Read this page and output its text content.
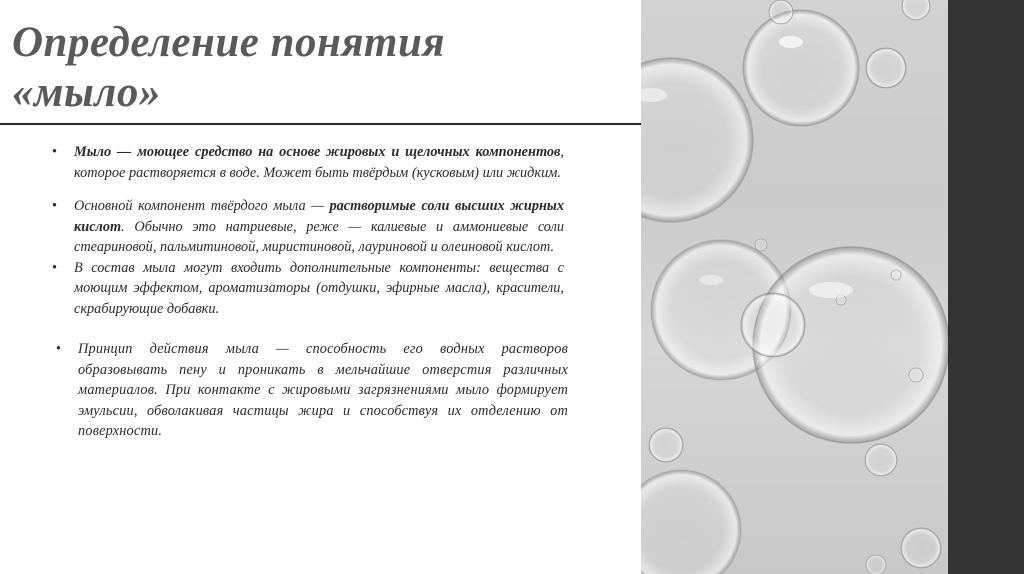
Определение понятия
«мыло»
• Мыло — моющее средство на основе жировых и щелочных компонентов, которое растворяется в воде. Может быть твёрдым (кусковым) или жидким.
• Основной компонент твёрдого мыла — растворимые соли высших жирных кислот. Обычно это натриевые, реже — калиевые и аммониевые соли стеариновой, пальмитиновой, миристиновой, лауриновой и олеиновой кислот.
• В состав мыла могут входить дополнительные компоненты: вещества с моющим эффектом, ароматизаторы (отдушки, эфирные масла), красители, скрабирующие добавки.
• Принцип действия мыла — способность его водных растворов образовывать пену и проникать в мельчайшие отверстия различных материалов. При контакте с жировыми загрязнениями мыло формирует эмульсии, обволакивая частицы жира и способствуя их отделению от поверхности.
